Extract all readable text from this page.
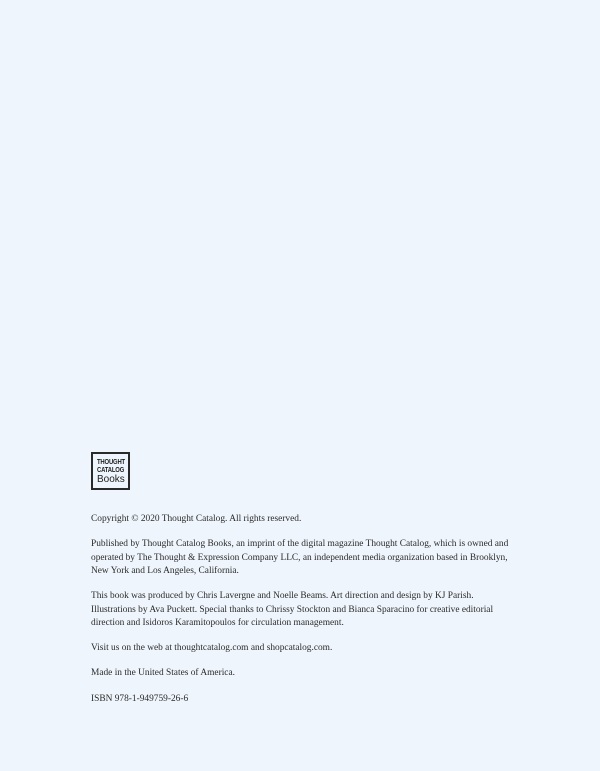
THOUGHT
CATALOG
Books

Copyright © 2020 Thought Catalog. All rights reserved.

Published by Thought Catalog Books, an imprint of the digital magazine Thought Catalog, which is owned and operated by The Thought & Expression Company LLC, an independent media organization based in Brooklyn, New York and Los Angeles, California.

This book was produced by Chris Lavergne and Noelle Beams. Art direction and design by KJ Parish. Illustrations by Ava Puckett. Special thanks to Chrissy Stockton and Bianca Sparacino for creative editorial direction and Isidoros Karamitopoulos for circulation management.

Visit us on the web at thoughtcatalog.com and shopcatalog.com.

Made in the United States of America.

ISBN 978-1-949759-26-6
